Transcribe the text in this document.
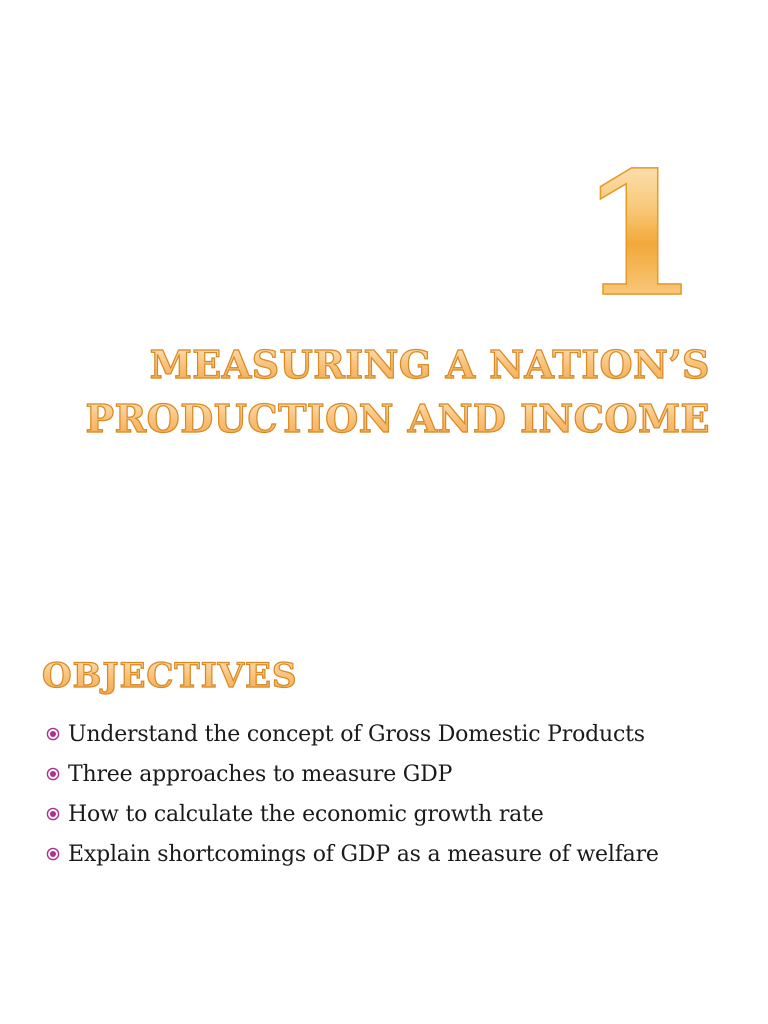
1
MEASURING A NATION’S
PRODUCTION AND INCOME
OBJECTIVES
Understand the concept of Gross Domestic Products
Three approaches to measure GDP
How to calculate the economic growth rate
Explain shortcomings of GDP as a measure of welfare
